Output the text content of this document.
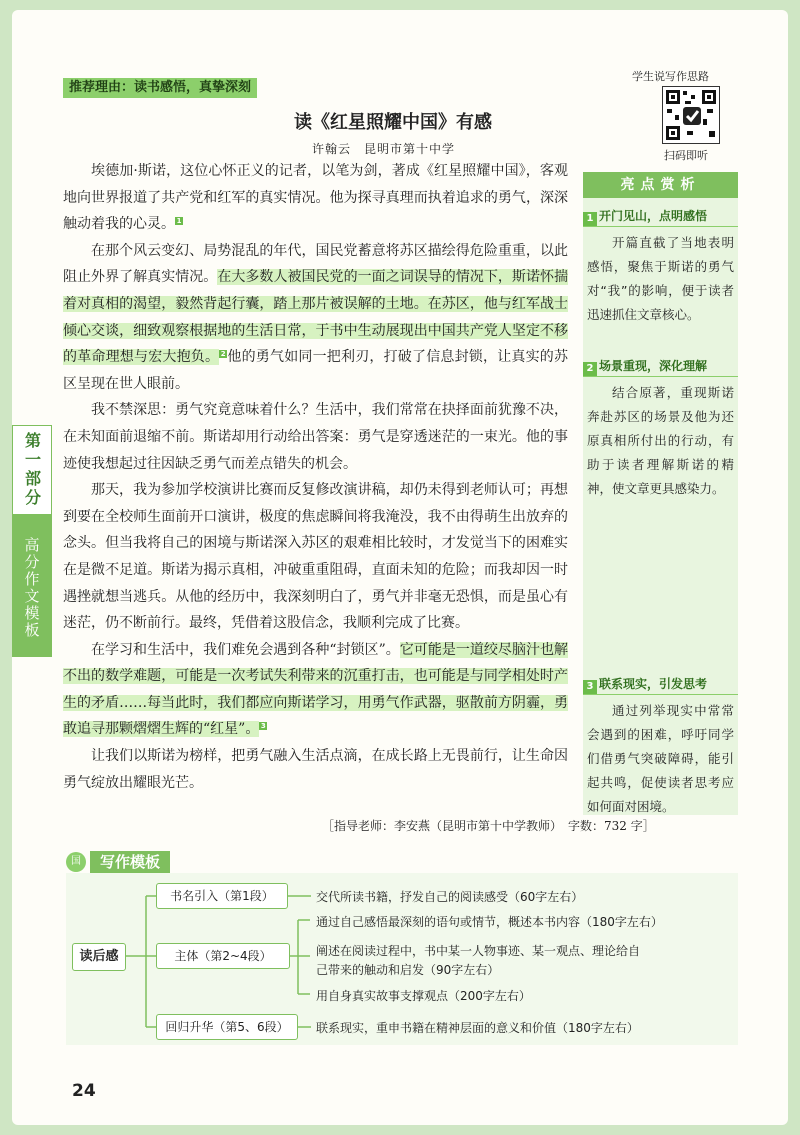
第一部分
高分作文模板
推荐理由：读书感悟，真挚深刻
学生说写作思路
扫码即听
读《红星照耀中国》有感
许翰云　昆明市第十中学

埃德加·斯诺，这位心怀正义的记者，以笔为剑，著成《红星照耀中国》，客观地向世界报道了共产党和红军的真实情况。他为探寻真理而执着追求的勇气，深深触动着我的心灵。 1

在那个风云变幻、局势混乱的年代，国民党蓄意将苏区描绘得危险重重，以此阻止外界了解真实情况。在大多数人被国民党的一面之词误导的情况下，斯诺怀揣着对真相的渴望，毅然背起行囊，踏上那片被误解的土地。在苏区，他与红军战士倾心交谈，细致观察根据地的生活日常，于书中生动展现出中国共产党人坚定不移的革命理想与宏大抱负。 2 他的勇气如同一把利刃，打破了信息封锁，让真实的苏区呈现在世人眼前。

我不禁深思：勇气究竟意味着什么？生活中，我们常常在抉择面前犹豫不决，在未知面前退缩不前。斯诺却用行动给出答案：勇气是穿透迷茫的一束光。他的事迹使我想起过往因缺乏勇气而差点错失的机会。

那天，我为参加学校演讲比赛而反复修改演讲稿，却仍未得到老师认可；再想到要在全校师生面前开口演讲，极度的焦虑瞬间将我淹没，我不由得萌生出放弃的念头。但当我将自己的困境与斯诺深入苏区的艰难相比较时，才发觉当下的困难实在是微不足道。斯诺为揭示真相，冲破重重阻碍，直面未知的危险；而我却因一时遇挫就想当逃兵。从他的经历中，我深刻明白了，勇气并非毫无恐惧，而是虽心有迷茫，仍不断前行。最终，凭借着这股信念，我顺利完成了比赛。

在学习和生活中，我们难免会遇到各种“封锁区”。它可能是一道绞尽脑汁也解不出的数学难题，可能是一次考试失利带来的沉重打击，也可能是与同学相处时产生的矛盾……每当此时，我们都应向斯诺学习，用勇气作武器，驱散前方阴霾，勇敢追寻那颗熠熠生辉的“红星”。 3

让我们以斯诺为榜样，把勇气融入生活点滴，在成长路上无畏前行，让生命因勇气绽放出耀眼光芒。

［指导老师：李安燕（昆明市第十中学教师）　字数：732 字］
亮点赏析
1 开门见山，点明感悟
开篇直截了当地表明感悟，聚焦于斯诺的勇气对“我”的影响，便于读者迅速抓住文章核心。
2 场景重现，深化理解
结合原著，重现斯诺奔赴苏区的场景及他为还原真相所付出的行动，有助于读者理解斯诺的精神，使文章更具感染力。
3 联系现实，引发思考
通过列举现实中常常会遇到的困难，呼吁同学们借勇气突破障碍，能引起共鸣，促使读者思考应如何面对困境。
国	写作模板
读后感
书名引入（第1段）	交代所读书籍，抒发自己的阅读感受（60字左右）
主体（第2~4段）
通过自己感悟最深刻的语句或情节，概述本书内容（180字左右）
阐述在阅读过程中，书中某一人物事迹、某一观点、理论给自
己带来的触动和启发（90字左右）
用自身真实故事支撑观点（200字左右）
回归升华（第5、6段）	联系现实，重申书籍在精神层面的意义和价值（180字左右）
24
